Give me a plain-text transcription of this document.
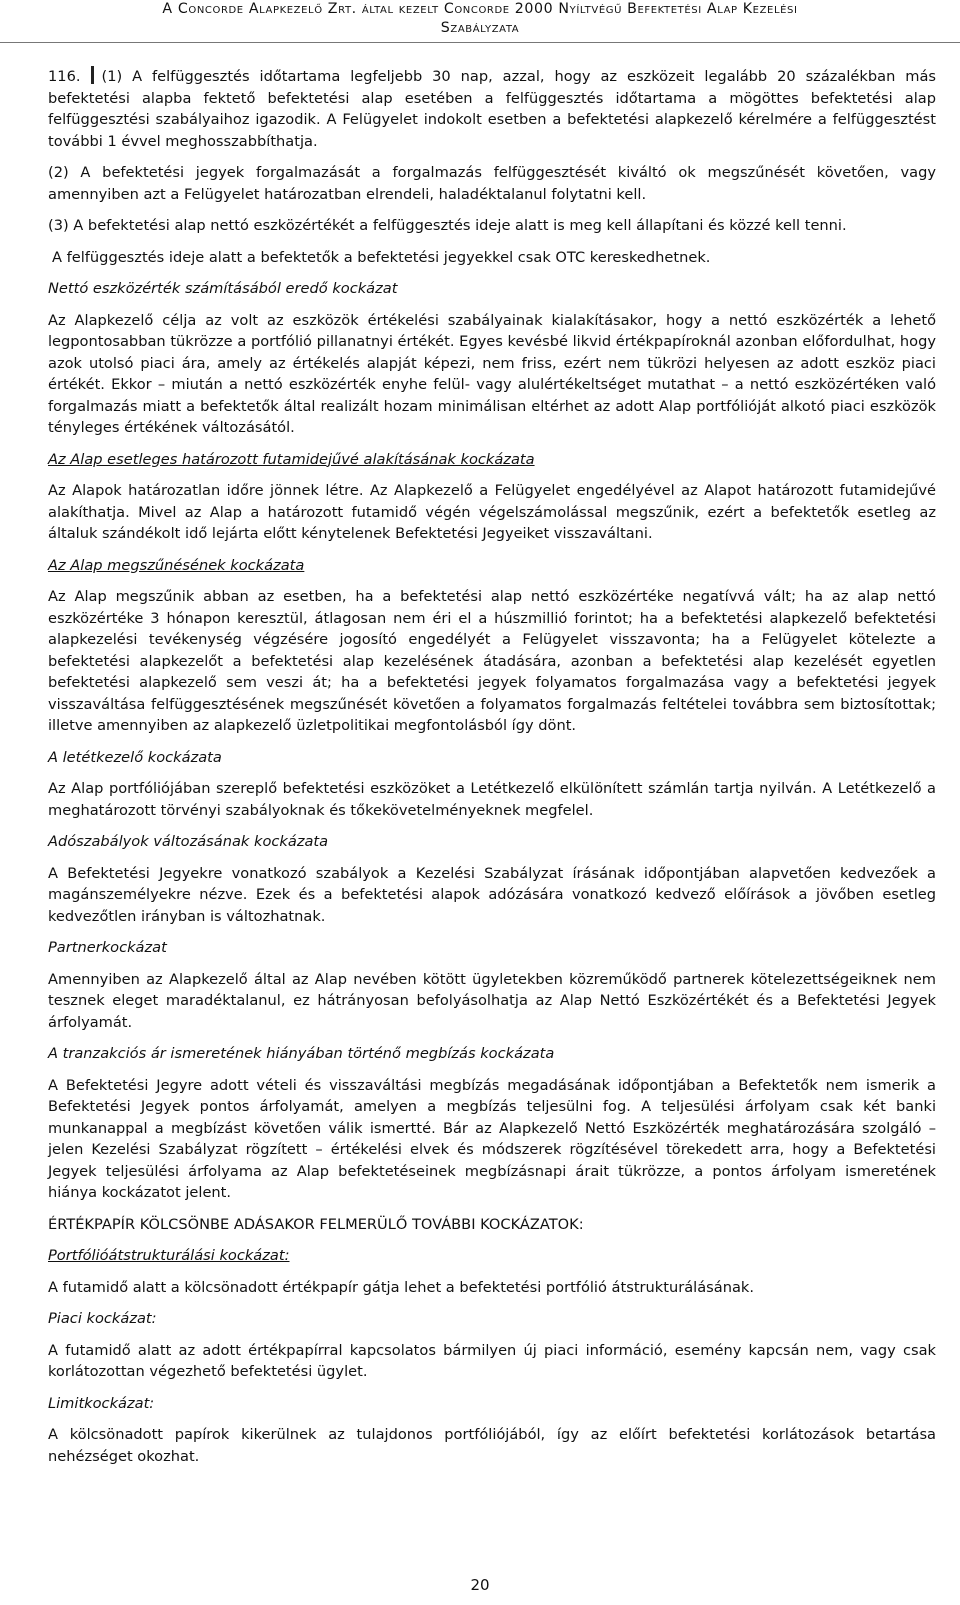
A Concorde Alapkezelő Zrt. által kezelt Concorde 2000 Nyíltvégű Befektetési Alap Kezelési
Szabályzata

116. (1) A felfüggesztés időtartama legfeljebb 30 nap, azzal, hogy az eszközeit legalább 20 százalékban más befektetési alapba fektető befektetési alap esetében a felfüggesztés időtartama a mögöttes befektetési alap felfüggesztési szabályaihoz igazodik. A Felügyelet indokolt esetben a befektetési alapkezelő kérelmére a felfüggesztést további 1 évvel meghosszabbíthatja.

(2) A befektetési jegyek forgalmazását a forgalmazás felfüggesztését kiváltó ok megszűnését követően, vagy amennyiben azt a Felügyelet határozatban elrendeli, haladéktalanul folytatni kell.

(3) A befektetési alap nettó eszközértékét a felfüggesztés ideje alatt is meg kell állapítani és közzé kell tenni.

A felfüggesztés ideje alatt a befektetők a befektetési jegyekkel csak OTC kereskedhetnek.

Nettó eszközérték számításából eredő kockázat

Az Alapkezelő célja az volt az eszközök értékelési szabályainak kialakításakor, hogy a nettó eszközérték a lehető legpontosabban tükrözze a portfólió pillanatnyi értékét. Egyes kevésbé likvid értékpapíroknál azonban előfordulhat, hogy azok utolsó piaci ára, amely az értékelés alapját képezi, nem friss, ezért nem tükrözi helyesen az adott eszköz piaci értékét. Ekkor – miután a nettó eszközérték enyhe felül- vagy alulértékeltséget mutathat – a nettó eszközértéken való forgalmazás miatt a befektetők által realizált hozam minimálisan eltérhet az adott Alap portfólióját alkotó piaci eszközök tényleges értékének változásától.

Az Alap esetleges határozott futamidejűvé alakításának kockázata

Az Alapok határozatlan időre jönnek létre. Az Alapkezelő a Felügyelet engedélyével az Alapot határozott futamidejűvé alakíthatja. Mivel az Alap a határozott futamidő végén végelszámolással megszűnik, ezért a befektetők esetleg az általuk szándékolt idő lejárta előtt kénytelenek Befektetési Jegyeiket visszaváltani.

Az Alap megszűnésének kockázata

Az Alap megszűnik abban az esetben, ha a befektetési alap nettó eszközértéke negatívvá vált; ha az alap nettó eszközértéke 3 hónapon keresztül, átlagosan nem éri el a húszmillió forintot; ha a befektetési alapkezelő befektetési alapkezelési tevékenység végzésére jogosító engedélyét a Felügyelet visszavonta; ha a Felügyelet kötelezte a befektetési alapkezelőt a befektetési alap kezelésének átadására, azonban a befektetési alap kezelését egyetlen befektetési alapkezelő sem veszi át; ha a befektetési jegyek folyamatos forgalmazása vagy a befektetési jegyek visszaváltása felfüggesztésének megszűnését követően a folyamatos forgalmazás feltételei továbbra sem biztosítottak; illetve amennyiben az alapkezelő üzletpolitikai megfontolásból így dönt.

A letétkezelő kockázata

Az Alap portfóliójában szereplő befektetési eszközöket a Letétkezelő elkülönített számlán tartja nyilván. A Letétkezelő a meghatározott törvényi szabályoknak és tőkekövetelményeknek megfelel.

Adószabályok változásának kockázata

A Befektetési Jegyekre vonatkozó szabályok a Kezelési Szabályzat írásának időpontjában alapvetően kedvezőek a magánszemélyekre nézve. Ezek és a befektetési alapok adózására vonatkozó kedvező előírások a jövőben esetleg kedvezőtlen irányban is változhatnak.

Partnerkockázat

Amennyiben az Alapkezelő által az Alap nevében kötött ügyletekben közreműködő partnerek kötelezettségeiknek nem tesznek eleget maradéktalanul, ez hátrányosan befolyásolhatja az Alap Nettó Eszközértékét és a Befektetési Jegyek árfolyamát.

A tranzakciós ár ismeretének hiányában történő megbízás kockázata

A Befektetési Jegyre adott vételi és visszaváltási megbízás megadásának időpontjában a Befektetők nem ismerik a Befektetési Jegyek pontos árfolyamát, amelyen a megbízás teljesülni fog. A teljesülési árfolyam csak két banki munkanappal a megbízást követően válik ismertté. Bár az Alapkezelő Nettó Eszközérték meghatározására szolgáló – jelen Kezelési Szabályzat rögzített – értékelési elvek és módszerek rögzítésével törekedett arra, hogy a Befektetési Jegyek teljesülési árfolyama az Alap befektetéseinek megbízásnapi árait tükrözze, a pontos árfolyam ismeretének hiánya kockázatot jelent.

ÉRTÉKPAPÍR KÖLCSÖNBE ADÁSAKOR FELMERÜLŐ TOVÁBBI KOCKÁZATOK:

Portfólióátstrukturálási kockázat:

A futamidő alatt a kölcsönadott értékpapír gátja lehet a befektetési portfólió átstrukturálásának.

Piaci kockázat:

A futamidő alatt az adott értékpapírral kapcsolatos bármilyen új piaci információ, esemény kapcsán nem, vagy csak korlátozottan végezhető befektetési ügylet.

Limitkockázat:

A kölcsönadott papírok kikerülnek az tulajdonos portfóliójából, így az előírt befektetési korlátozások betartása nehézséget okozhat.

20
